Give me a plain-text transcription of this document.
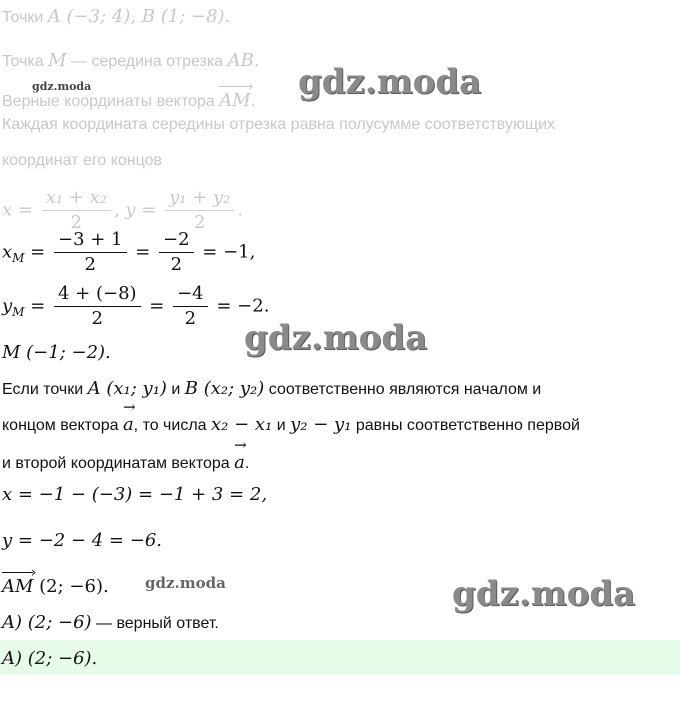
Точки A (−3; 4), B (1; −8).
Точка M — середина отрезка AB.
Верные координаты вектора AM ›.
Каждая координата середины отрезка равна полусумме соответствующих
координат его концов
$x = \frac{\text{x₁ + x₂}}{2}$ , $y = \frac{\text{y₁ + y₂}}{2}$ .
$x_M = \frac{-3 + 1}{2} = \frac{-2}{2} = -1$,
$y_M = \frac{4 + (-8)}{2} = \frac{-4}{2} = -2$.
M (−1; −2).
Если точки A (x₁; y₁) и B (x₂; y₂) соответственно являются началом и
концом вектора → a, то числа x₂ − x₁ и y₂ − y₁ равны соответственно первой
и второй координатам вектора → a.
x = −1 − (−3) = −1 + 3 = 2,
y = −2 − 4 = −6.
AM › (2; −6).
A) (2; −6) — верный ответ.
A) (2; −6).
gdz.moda
gdz.moda
gdz.moda
gdz.moda	gdz.moda
